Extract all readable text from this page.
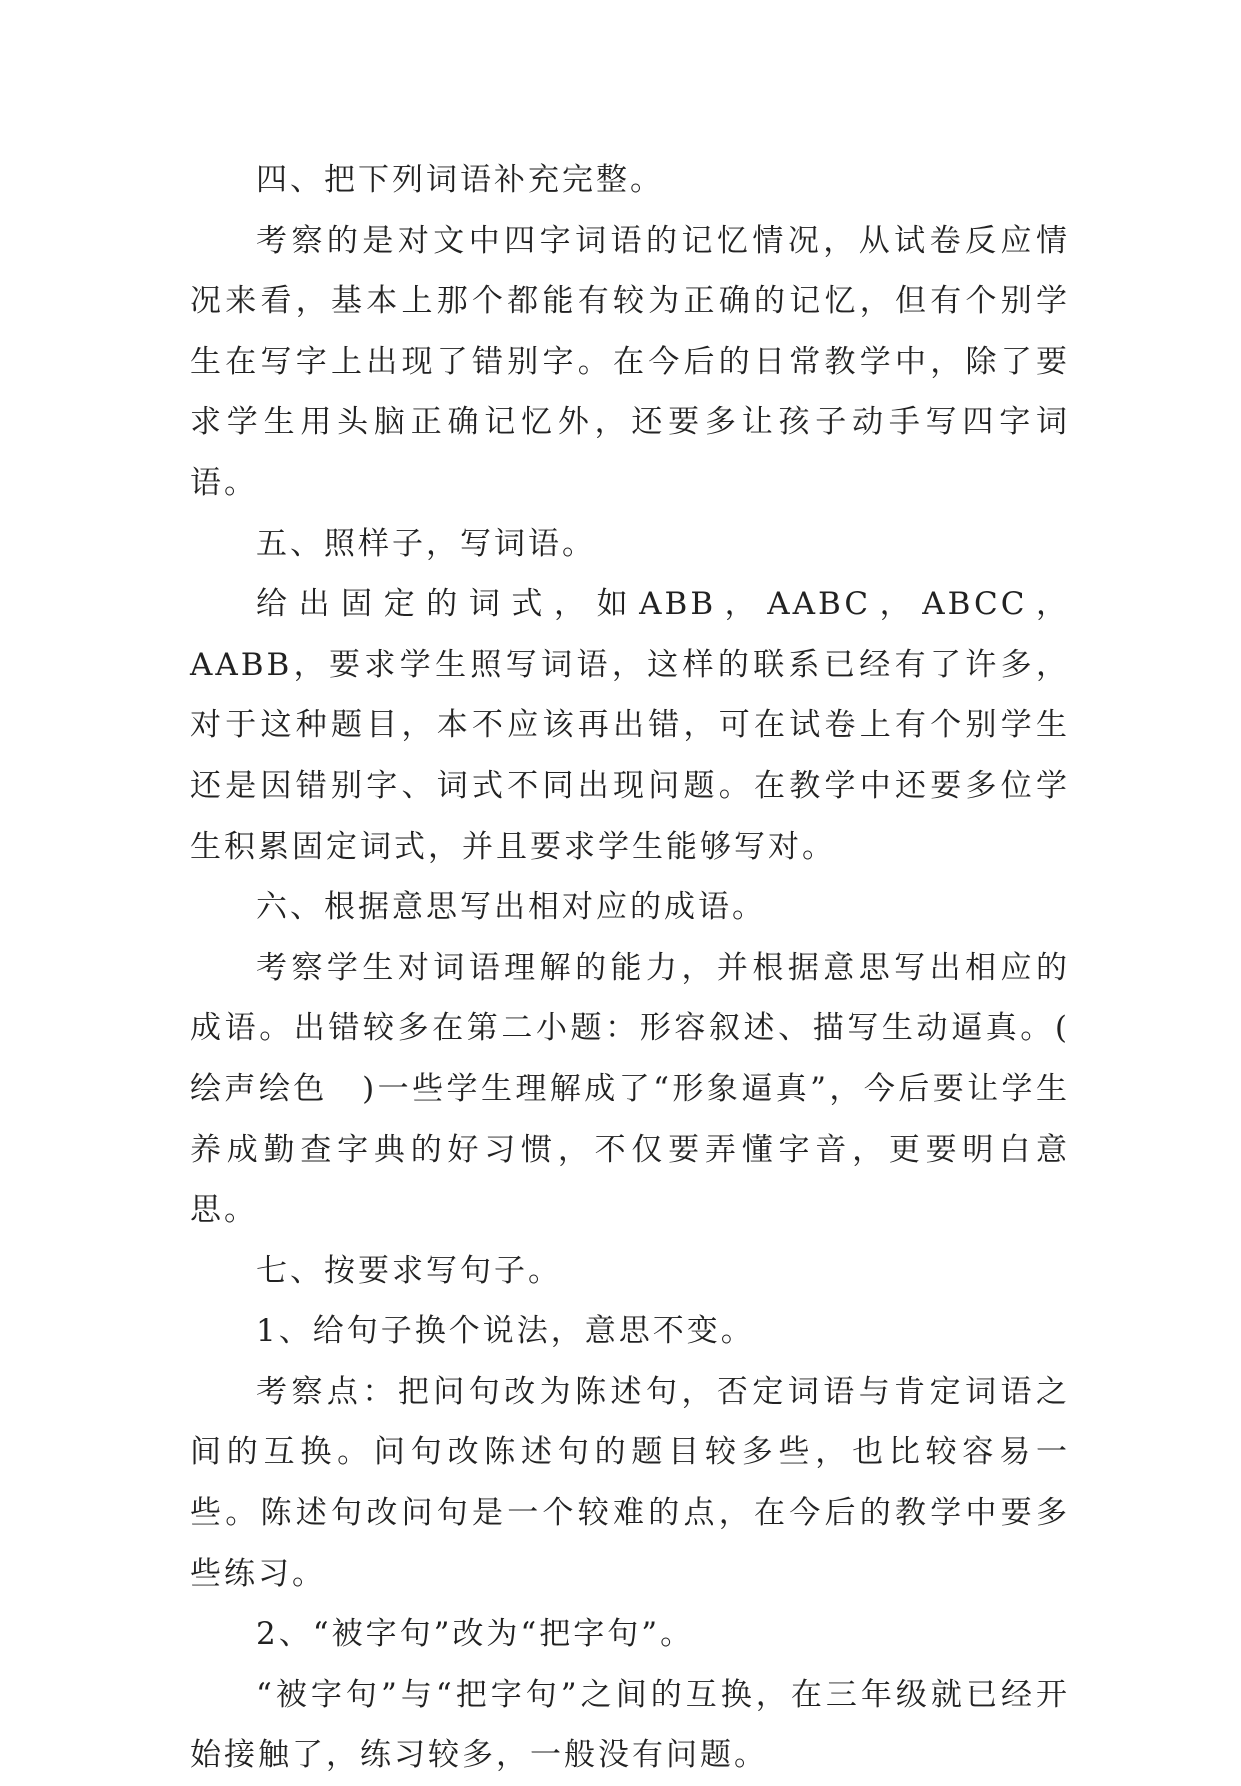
四、把下列词语补充完整。

考察的是对文中四字词语的记忆情况，从试卷反应情况来看，基本上那个都能有较为正确的记忆，但有个别学生在写字上出现了错别字。在今后的日常教学中，除了要求学生用头脑正确记忆外，还要多让孩子动手写四字词语。

五、照样子，写词语。

给出固定的词式，如ABB，AABC，ABCC，AABB，要求学生照写词语，这样的联系已经有了许多，对于这种题目，本不应该再出错，可在试卷上有个别学生还是因错别字、词式不同出现问题。在教学中还要多位学生积累固定词式，并且要求学生能够写对。

六、根据意思写出相对应的成语。

考察学生对词语理解的能力，并根据意思写出相应的成语。出错较多在第二小题：形容叙述、描写生动逼真。(　绘声绘色　)一些学生理解成了“形象逼真”，今后要让学生养成勤查字典的好习惯，不仅要弄懂字音，更要明白意思。

七、按要求写句子。

1、给句子换个说法，意思不变。

考察点：把问句改为陈述句，否定词语与肯定词语之间的互换。问句改陈述句的题目较多些，也比较容易一些。陈述句改问句是一个较难的点，在今后的教学中要多些练习。

2、“被字句”改为“把字句”。

“被字句”与“把字句”之间的互换，在三年级就已经开始接触了，练习较多，一般没有问题。
